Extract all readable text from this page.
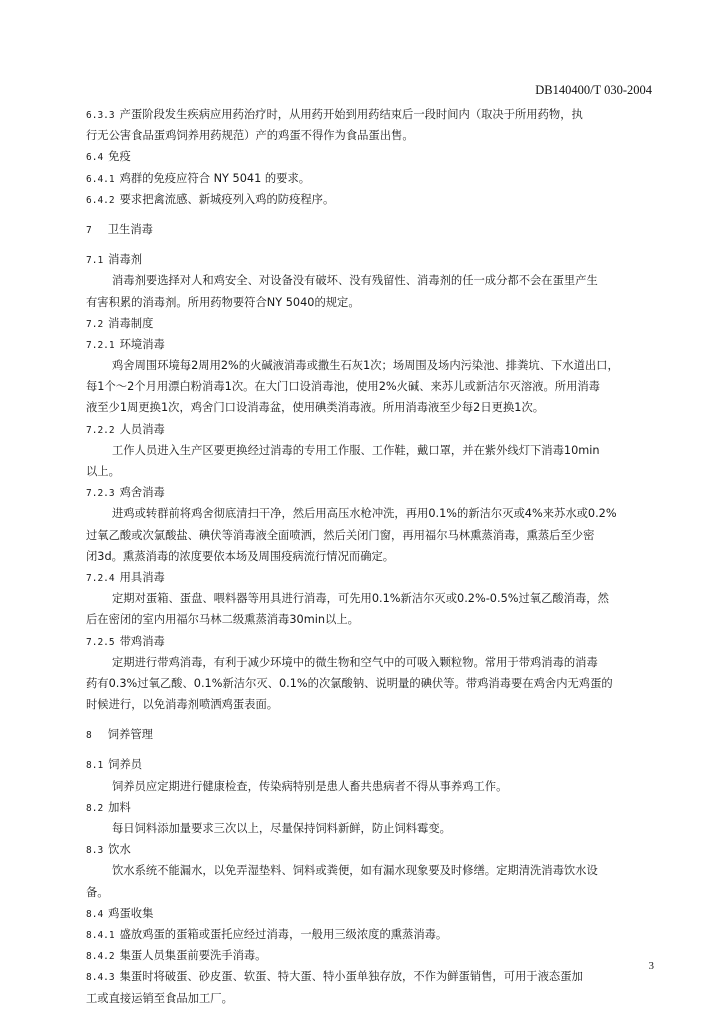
DB140400/T 030-2004
6.3.3 产蛋阶段发生疾病应用药治疗时，从用药开始到用药结束后一段时间内（取决于所用药物，执
行无公害食品蛋鸡饲养用药规范）产的鸡蛋不得作为食品蛋出售。
6.4 免疫
6.4.1 鸡群的免疫应符合 NY 5041 的要求。
6.4.2 要求把禽流感、新城疫列入鸡的防疫程序。
7 卫生消毒
7.1 消毒剂
消毒剂要选择对人和鸡安全、对设备没有破坏、没有残留性、消毒剂的任一成分都不会在蛋里产生
有害积累的消毒剂。所用药物要符合NY 5040的规定。
7.2 消毒制度
7.2.1 环境消毒
鸡舍周围环境每2周用2%的火碱液消毒或撒生石灰1次；场周围及场内污染池、排粪坑、下水道出口，
每1个～2个月用漂白粉消毒1次。在大门口设消毒池，使用2%火碱、来苏儿或新洁尔灭溶液。所用消毒
液至少1周更换1次，鸡舍门口设消毒盆，使用碘类消毒液。所用消毒液至少每2日更换1次。
7.2.2 人员消毒
工作人员进入生产区要更换经过消毒的专用工作服、工作鞋，戴口罩，并在紫外线灯下消毒10min
以上。
7.2.3 鸡舍消毒
进鸡或转群前将鸡舍彻底清扫干净，然后用高压水枪冲洗，再用0.1%的新洁尔灭或4%来苏水或0.2%
过氧乙酸或次氯酸盐、碘伏等消毒液全面喷洒，然后关闭门窗，再用福尔马林熏蒸消毒，熏蒸后至少密
闭3d。熏蒸消毒的浓度要依本场及周围疫病流行情况而确定。
7.2.4 用具消毒
定期对蛋箱、蛋盘、喂料器等用具进行消毒，可先用0.1%新洁尔灭或0.2%-0.5%过氧乙酸消毒，然
后在密闭的室内用福尔马林二级熏蒸消毒30min以上。
7.2.5 带鸡消毒
定期进行带鸡消毒，有利于减少环境中的微生物和空气中的可吸入颗粒物。常用于带鸡消毒的消毒
药有0.3%过氧乙酸、0.1%新洁尔灭、0.1%的次氯酸钠、说明量的碘伏等。带鸡消毒要在鸡舍内无鸡蛋的
时候进行，以免消毒剂喷洒鸡蛋表面。
8 饲养管理
8.1 饲养员
饲养员应定期进行健康检查，传染病特别是患人畜共患病者不得从事养鸡工作。
8.2 加料
每日饲料添加量要求三次以上，尽量保持饲料新鲜，防止饲料霉变。
8.3 饮水
饮水系统不能漏水，以免弄湿垫料、饲料或粪便，如有漏水现象要及时修缮。定期清洗消毒饮水设
备。
8.4 鸡蛋收集
8.4.1 盛放鸡蛋的蛋箱或蛋托应经过消毒，一般用三级浓度的熏蒸消毒。
8.4.2 集蛋人员集蛋前要洗手消毒。
8.4.3 集蛋时将破蛋、砂皮蛋、软蛋、特大蛋、特小蛋单独存放，不作为鲜蛋销售，可用于液态蛋加
工或直接运销至食品加工厂。
3
